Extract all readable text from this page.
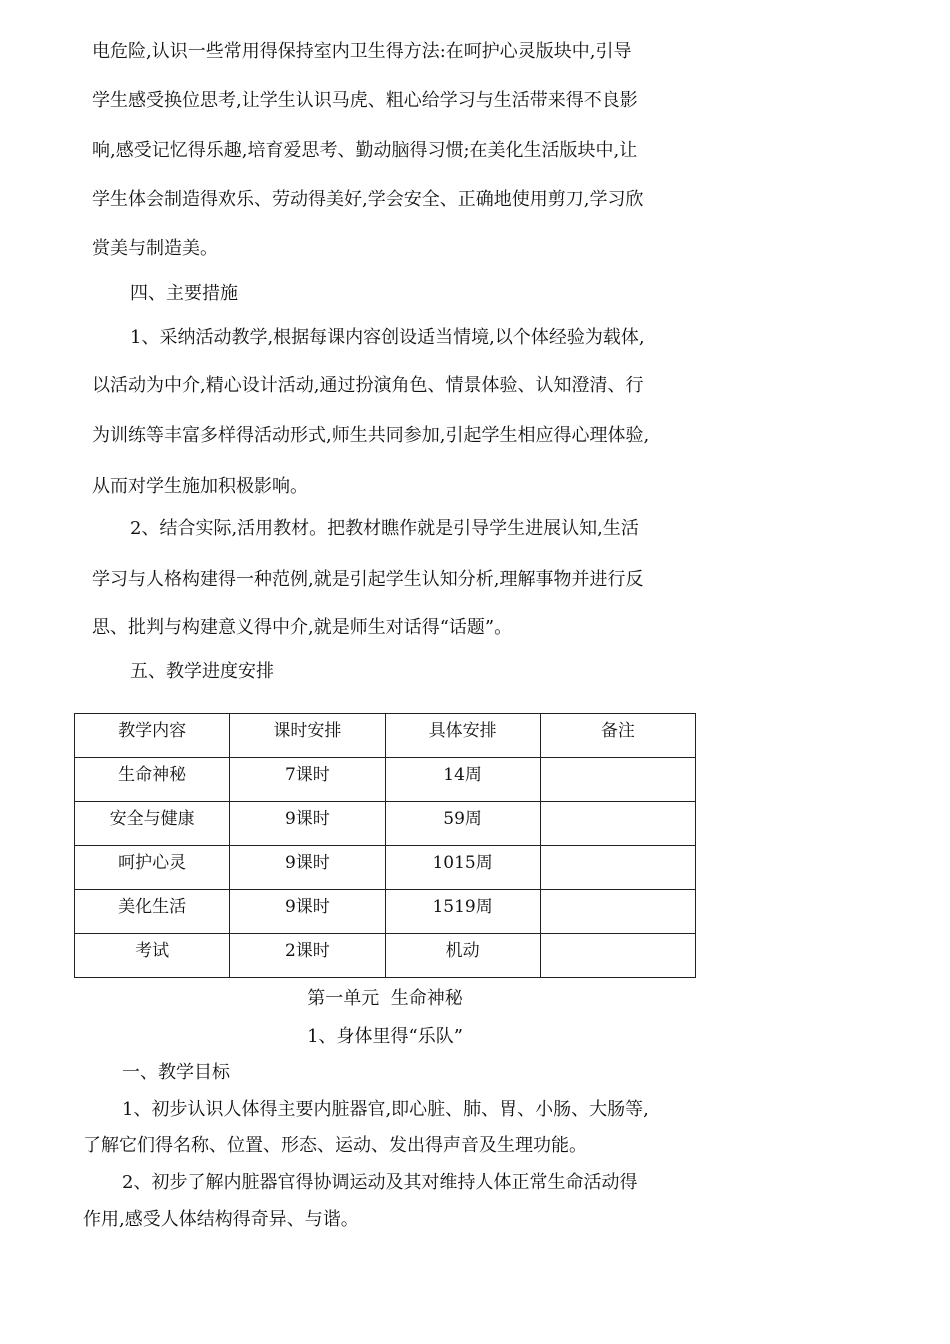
电危险,认识一些常用得保持室内卫生得方法:在呵护心灵版块中,引导
学生感受换位思考,让学生认识马虎、粗心给学习与生活带来得不良影
响,感受记忆得乐趣,培育爱思考、勤动脑得习惯;在美化生活版块中,让
学生体会制造得欢乐、劳动得美好,学会安全、正确地使用剪刀,学习欣
赏美与制造美。
四、主要措施
1、采纳活动教学,根据每课内容创设适当情境,以个体经验为载体,
以活动为中介,精心设计活动,通过扮演角色、情景体验、认知澄清、行
为训练等丰富多样得活动形式,师生共同参加,引起学生相应得心理体验,
从而对学生施加积极影响。
2、结合实际,活用教材。把教材瞧作就是引导学生进展认知,生活
学习与人格构建得一种范例,就是引起学生认知分析,理解事物并进行反
思、批判与构建意义得中介,就是师生对话得“话题”。
五、教学进度安排
教学内容	课时安排	具体安排	备注
生命神秘	7课时	14周	
安全与健康	9课时	59周	
呵护心灵	9课时	1015周	
美化生活	9课时	1519周	
考试	2课时	机动	
第一单元  生命神秘
1、身体里得“乐队”
一、教学目标
1、初步认识人体得主要内脏器官,即心脏、肺、胃、小肠、大肠等,
了解它们得名称、位置、形态、运动、发出得声音及生理功能。
2、初步了解内脏器官得协调运动及其对维持人体正常生命活动得
作用,感受人体结构得奇异、与谐。
